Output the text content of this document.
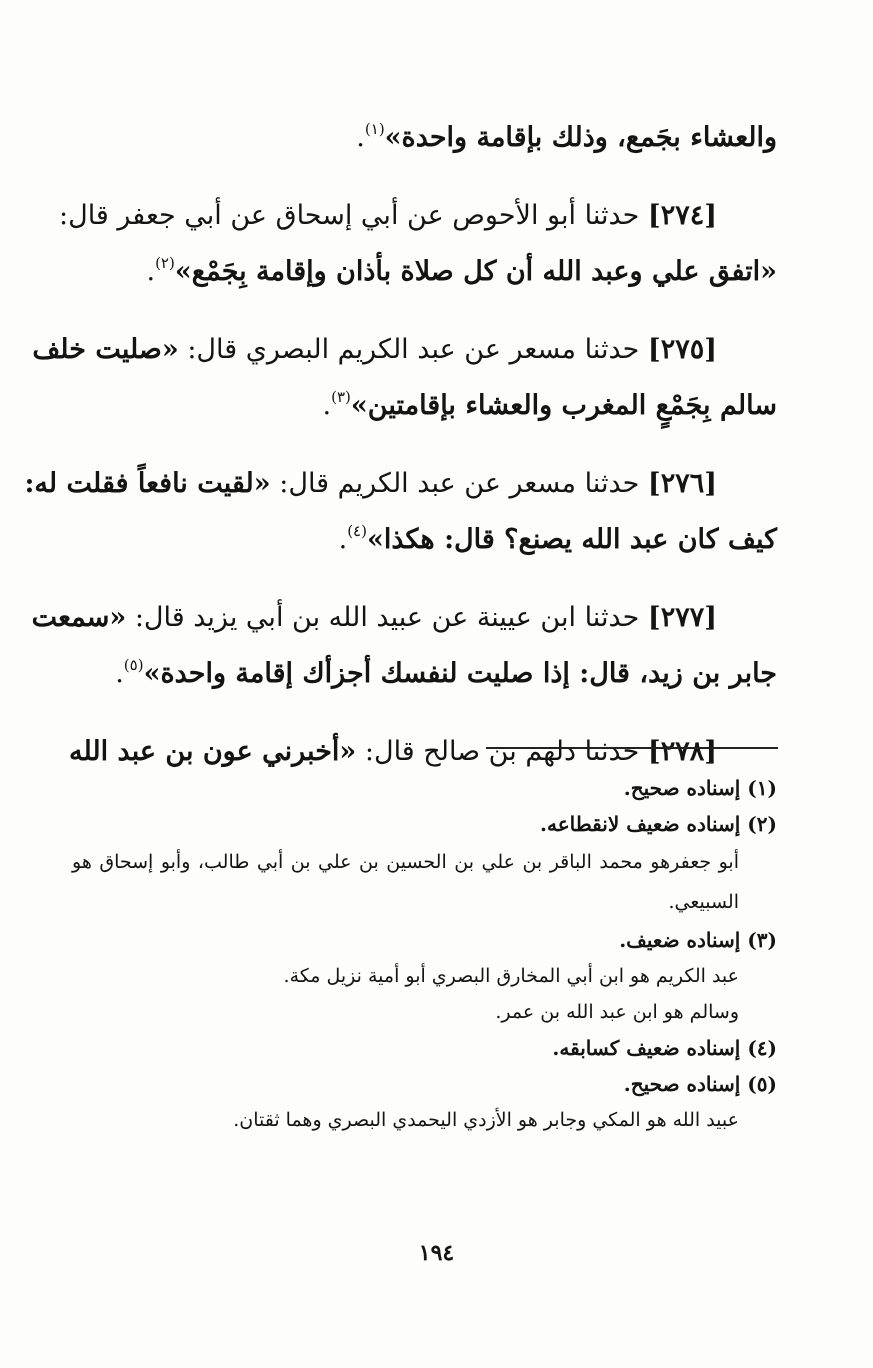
والعشاء بجَمع، وذلك بإقامة واحدة»$^{(١)}$.
[٢٧٤] حدثنا أبو الأحوص عن أبي إسحاق عن أبي جعفر قال:
«اتفق علي وعبد الله أن كل صلاة بأذان وإقامة بِجَمْع»$^{(٢)}$.
[٢٧٥] حدثنا مسعر عن عبد الكريم البصري قال: «صليت خلف
سالم بِجَمْعٍ المغرب والعشاء بإقامتين»$^{(٣)}$.
[٢٧٦] حدثنا مسعر عن عبد الكريم قال: «لقيت نافعاً فقلت له:
كيف كان عبد الله يصنع؟ قال: هكذا»$^{(٤)}$.
[٢٧٧] حدثنا ابن عيينة عن عبيد الله بن أبي يزيد قال: «سمعت
جابر بن زيد، قال: إذا صليت لنفسك أجزأك إقامة واحدة»$^{(٥)}$.
[٢٧٨] حدثنا دلهم بن صالح قال: «أخبرني عون بن عبد الله
(١) إسناده صحيح.
(٢) إسناده ضعيف لانقطاعه.
أبو جعفرهو محمد الباقر بن علي بن الحسين بن علي بن أبي طالب، وأبو إسحاق هو السبيعي.
(٣) إسناده ضعيف.
عبد الكريم هو ابن أبي المخارق البصري أبو أمية نزيل مكة.
وسالم هو ابن عبد الله بن عمر.
(٤) إسناده ضعيف كسابقه.
(٥) إسناده صحيح.
عبيد الله هو المكي وجابر هو الأزدي اليحمدي البصري وهما ثقتان.
١٩٤
